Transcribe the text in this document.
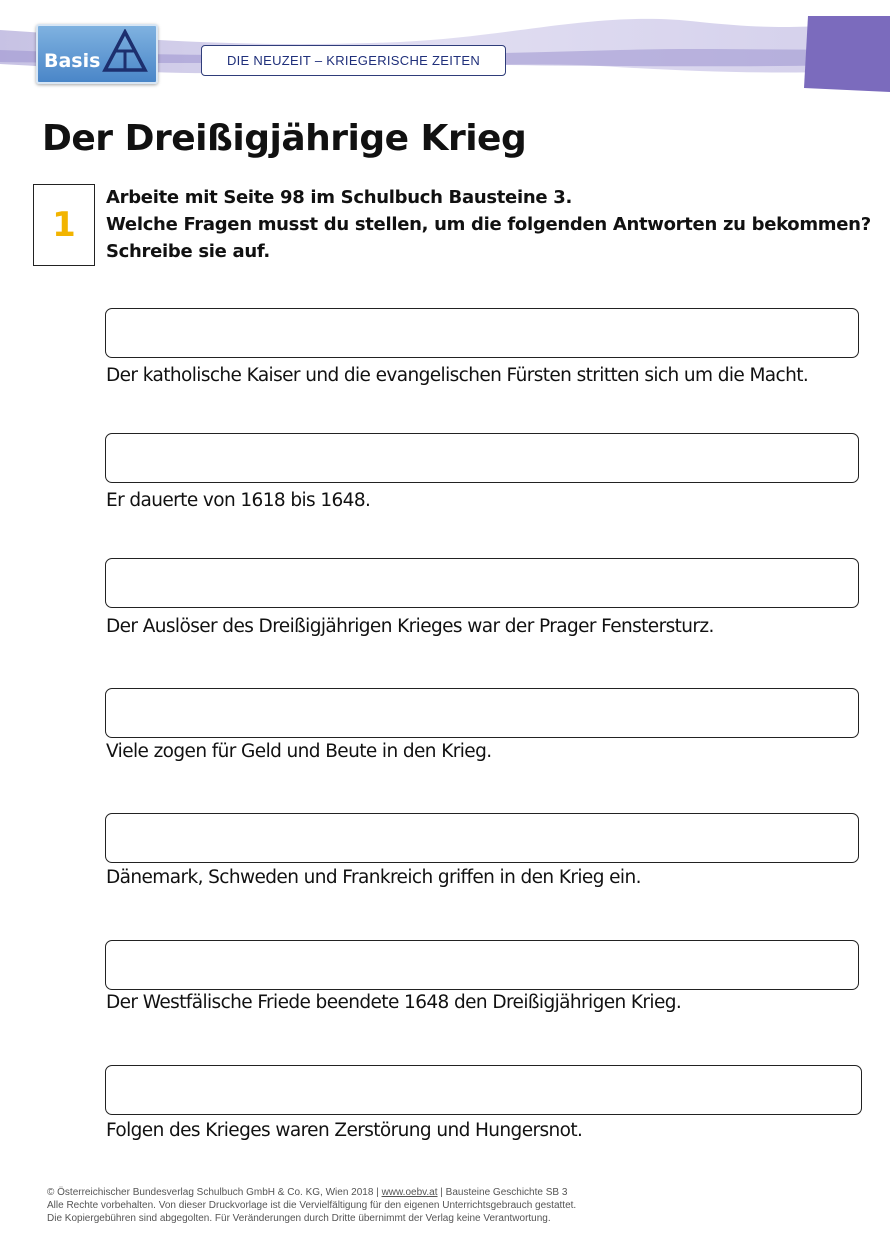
Basis	DIE NEUZEIT – KRIEGERISCHE ZEITEN
Der Dreißigjährige Krieg
1
Arbeite mit Seite 98 im Schulbuch Bausteine 3.
Welche Fragen musst du stellen, um die folgenden Antworten zu bekommen?
Schreibe sie auf.
Der katholische Kaiser und die evangelischen Fürsten stritten sich um die Macht.
Er dauerte von 1618 bis 1648.
Der Auslöser des Dreißigjährigen Krieges war der Prager Fenstersturz.
Viele zogen für Geld und Beute in den Krieg.
Dänemark, Schweden und Frankreich griffen in den Krieg ein.
Der Westfälische Friede beendete 1648 den Dreißigjährigen Krieg.
Folgen des Krieges waren Zerstörung und Hungersnot.
© Österreichischer Bundesverlag Schulbuch GmbH & Co. KG, Wien 2018 | www.oebv.at | Bausteine Geschichte SB 3
Alle Rechte vorbehalten. Von dieser Druckvorlage ist die Vervielfältigung für den eigenen Unterrichtsgebrauch gestattet.
Die Kopiergebühren sind abgegolten. Für Veränderungen durch Dritte übernimmt der Verlag keine Verantwortung.
